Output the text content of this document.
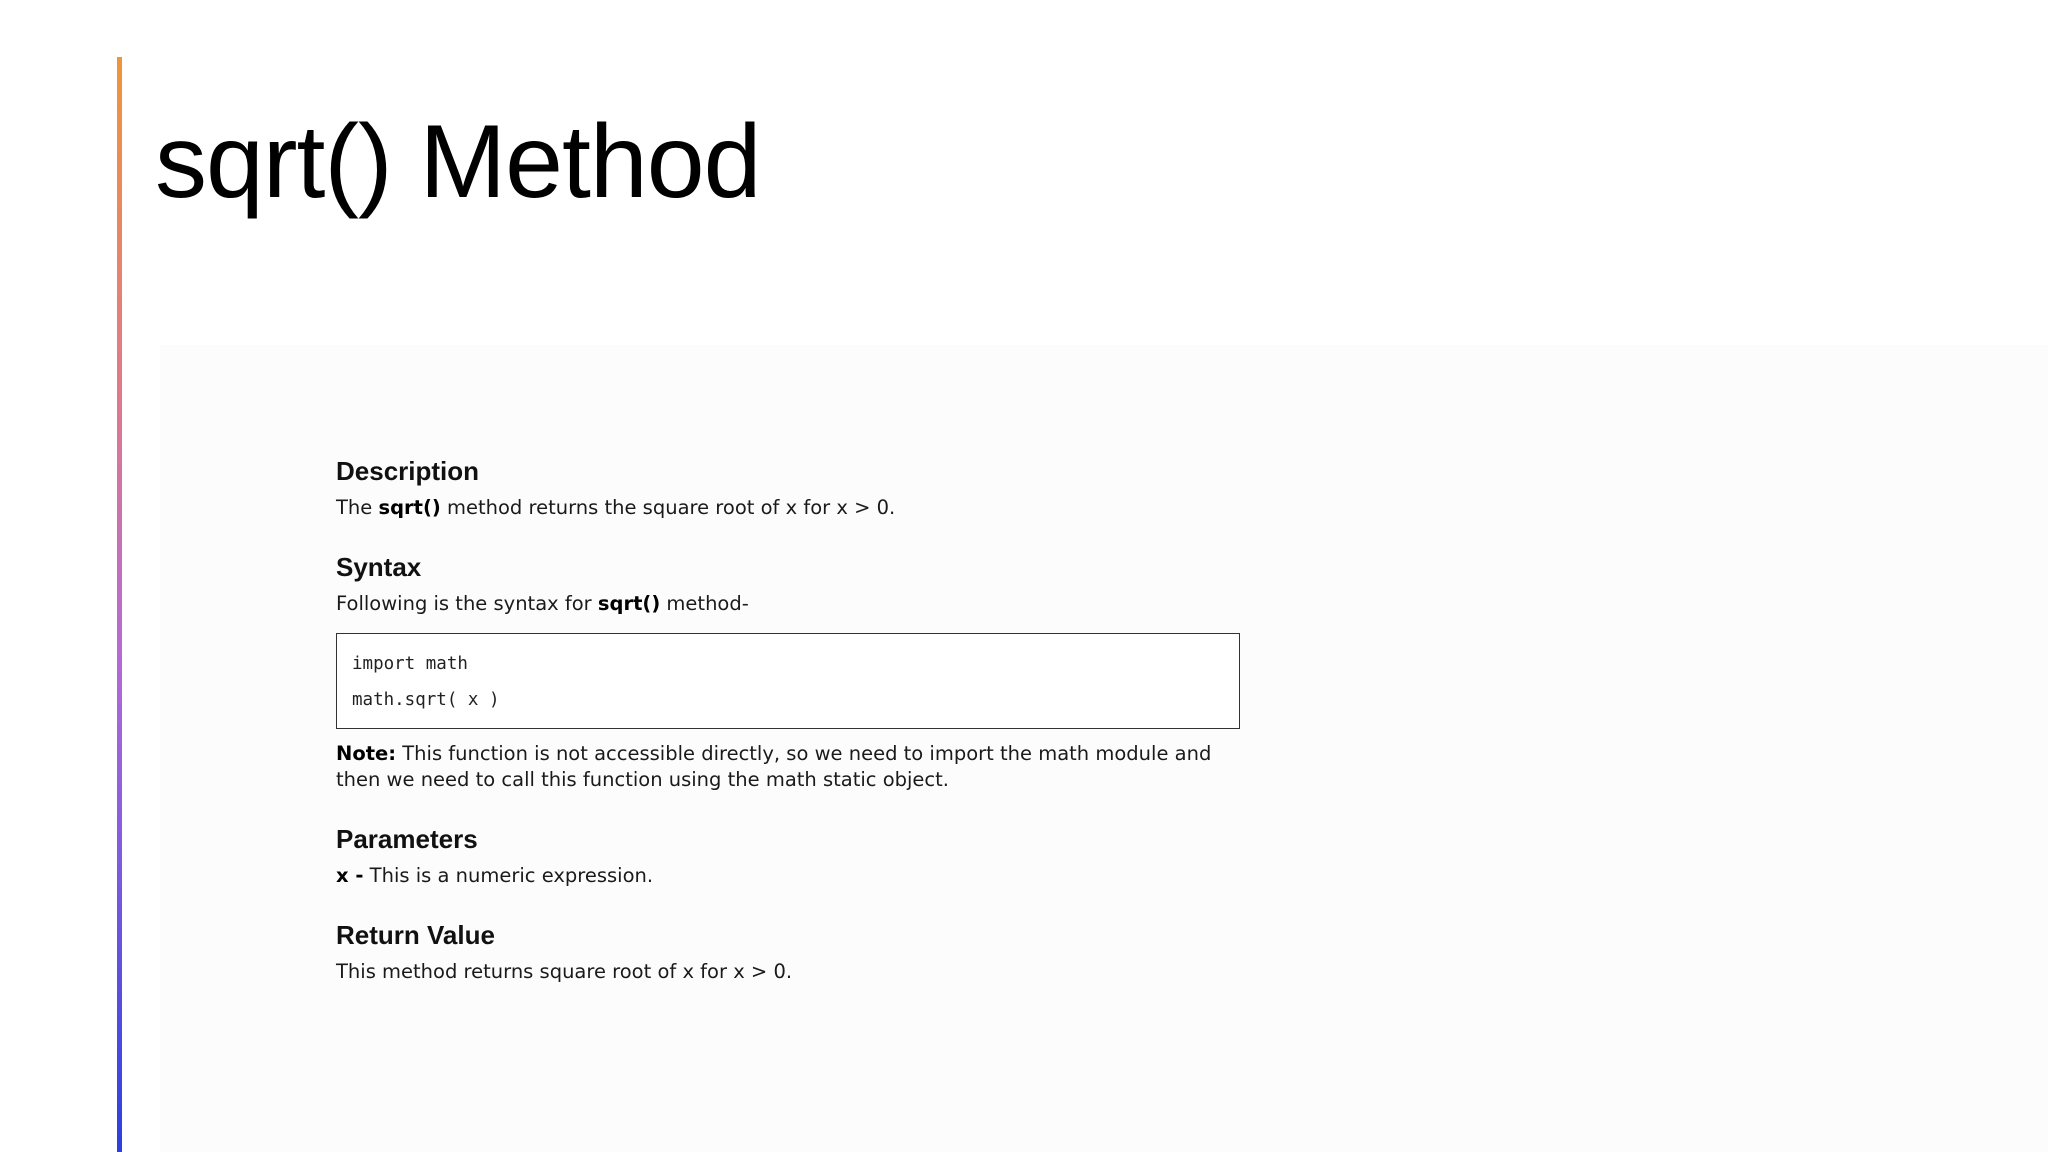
sqrt() Method
Description

The sqrt() method returns the square root of x for x > 0.

Syntax

Following is the syntax for sqrt() method-

import math
math.sqrt( x )

Note: This function is not accessible directly, so we need to import the math module and then we need to call this function using the math static object.

Parameters

x - This is a numeric expression.

Return Value

This method returns square root of x for x > 0.
